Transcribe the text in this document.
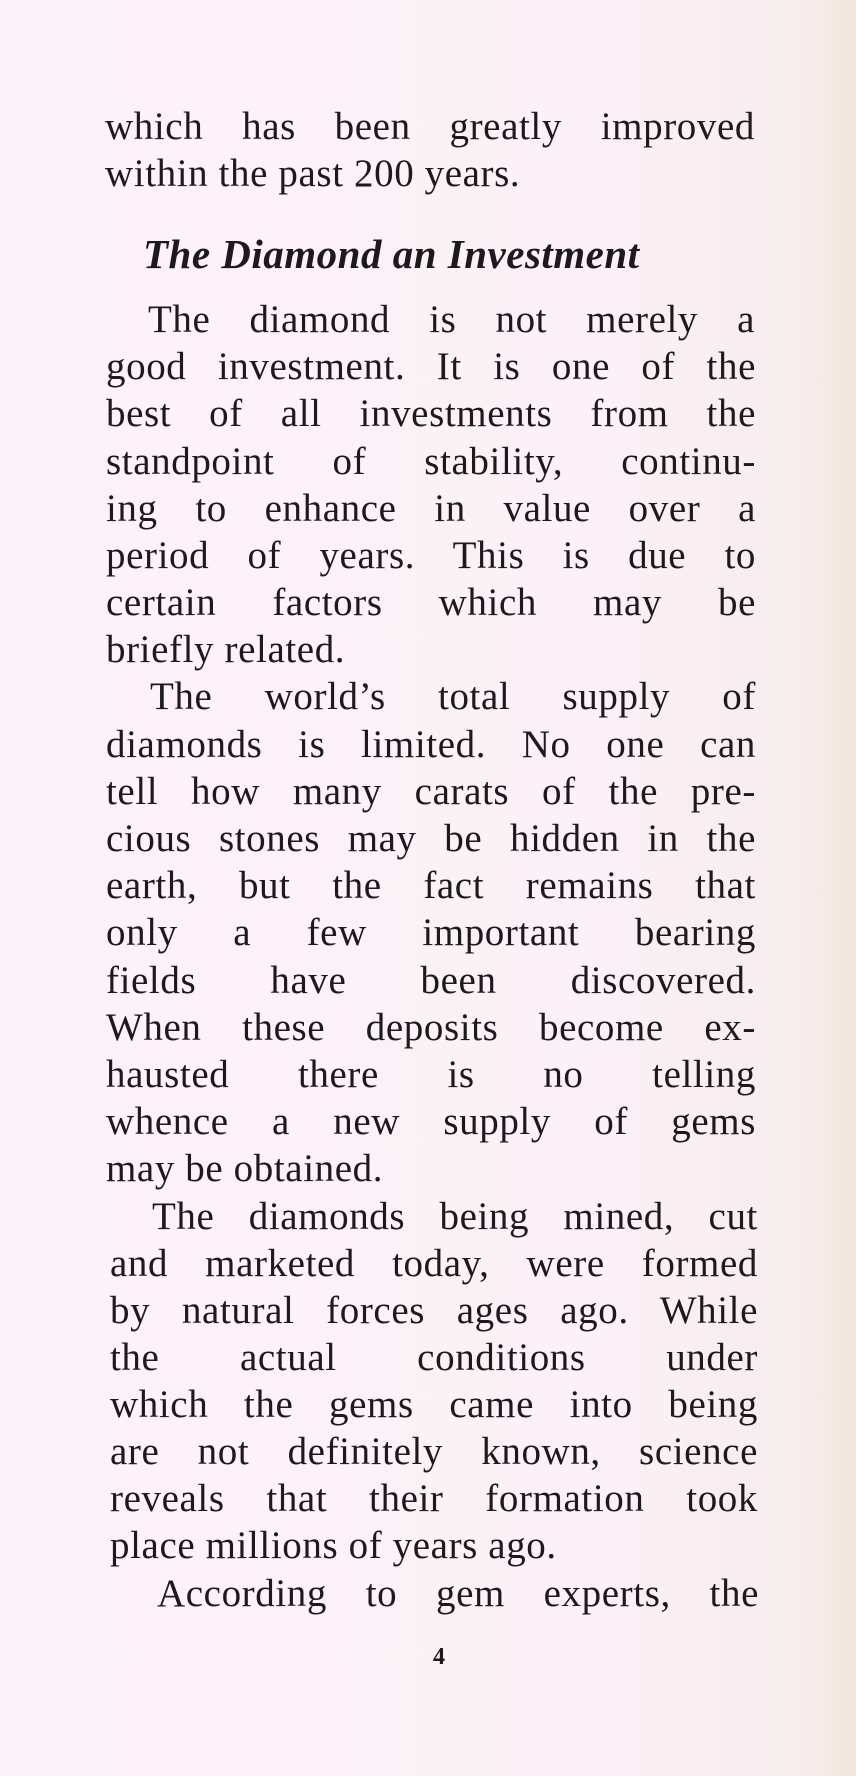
which has been greatly improved
within the past 200 years.
The Diamond an Investment
The diamond is not merely a
good investment. It is one of the
best of all investments from the
standpoint of stability, continu-
ing to enhance in value over a
period of years. This is due to
certain factors which may be
briefly related.
The world’s total supply of
diamonds is limited. No one can
tell how many carats of the pre-
cious stones may be hidden in the
earth, but the fact remains that
only a few important bearing
fields have been discovered.
When these deposits become ex-
hausted there is no telling
whence a new supply of gems
may be obtained.
The diamonds being mined, cut
and marketed today, were formed
by natural forces ages ago. While
the actual conditions under
which the gems came into being
are not definitely known, science
reveals that their formation took
place millions of years ago.
According to gem experts, the
4
